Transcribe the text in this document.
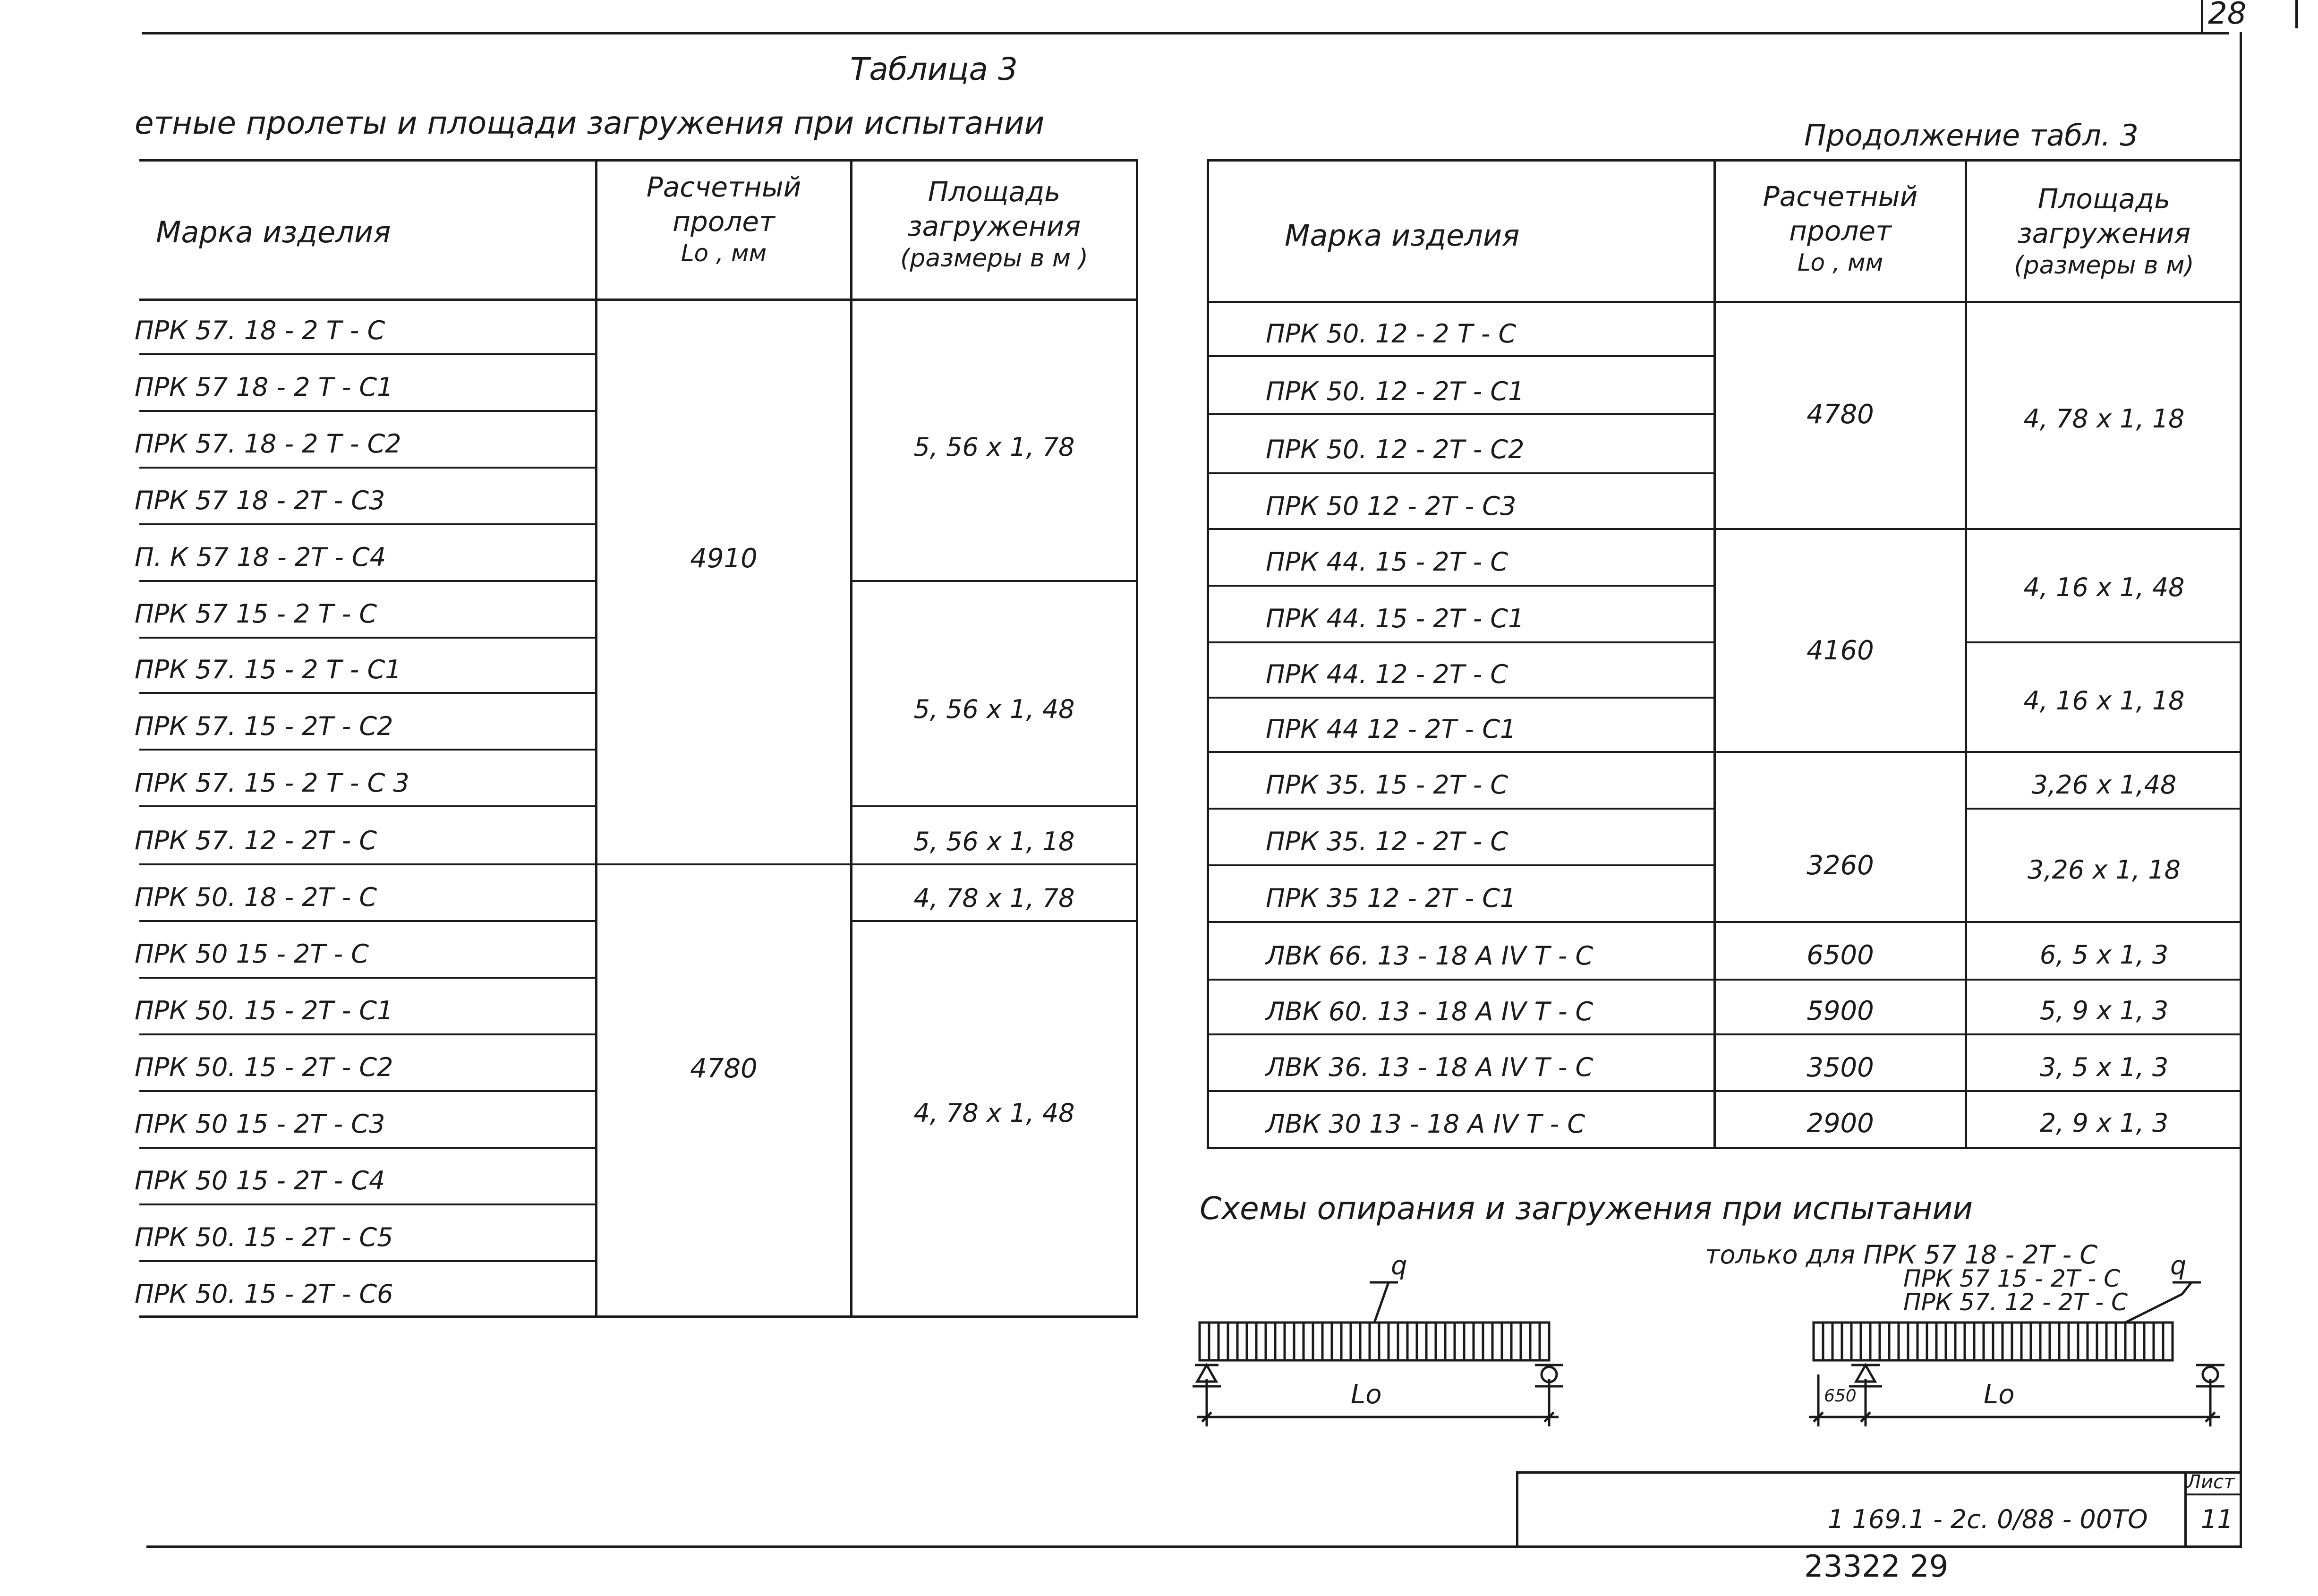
28
Таблица 3
етные пролеты и площади загружения при испытании
Марка изделия
Расчетный
пролет
Lo , мм
Площадь
загружения
(размеры в м )
ПРК 57. 18 - 2 Т - С
ПРК 57 18 - 2 Т - С1
ПРК 57. 18 - 2 Т - С2
ПРК 57 18 - 2Т - С3
П. К 57 18 - 2Т - С4
ПРК 57 15 - 2 Т - С
ПРК 57. 15 - 2 Т - С1
ПРК 57. 15 - 2Т - С2
ПРК 57. 15 - 2 Т - С 3
ПРК 57. 12 - 2Т - С
ПРК 50. 18 - 2Т - С
ПРК 50 15 - 2Т - С
ПРК 50. 15 - 2Т - С1
ПРК 50. 15 - 2Т - С2
ПРК 50 15 - 2Т - С3
ПРК 50 15 - 2Т - С4
ПРК 50. 15 - 2Т - С5
ПРК 50. 15 - 2Т - С6
4910
4780
5, 56 х 1, 78
5, 56 х 1, 48
5, 56 х 1, 18
4, 78 х 1, 78
4, 78 х 1, 48
Продолжение табл. 3
Марка изделия
Расчетный
пролет
Lo , мм
Площадь
загружения
(размеры в м)
ПРК 50. 12 - 2 Т - С
ПРК 50. 12 - 2Т - С1
ПРК 50. 12 - 2Т - С2
ПРК 50 12 - 2Т - С3
ПРК 44. 15 - 2Т - С
ПРК 44. 15 - 2Т - С1
ПРК 44. 12 - 2Т - С
ПРК 44 12 - 2Т - С1
ПРК 35. 15 - 2Т - С
ПРК 35. 12 - 2Т - С
ПРК 35 12 - 2Т - С1
ЛВК 66. 13 - 18 А IV Т - С
ЛВК 60. 13 - 18 А IV Т - С
ЛВК 36. 13 - 18 А IV Т - С
ЛВК 30 13 - 18 А IV Т - С
4780
4160
3260
6500
5900
3500
2900
4, 78 х 1, 18
4, 16 х 1, 48
4, 16 х 1, 18
3,26 х 1,48
3,26 х 1, 18
6, 5 х 1, 3
5, 9 х 1, 3
3, 5 х 1, 3
2, 9 х 1, 3
Схемы опирания и загружения при испытании
только для ПРК 57 18 - 2Т - С
ПРК 57 15 - 2Т - С
ПРК 57. 12 - 2Т - С
q
Lo
q
650	Lo
1 169.1 - 2с. 0/88 - 00ТО
Лист
11
23322 29
